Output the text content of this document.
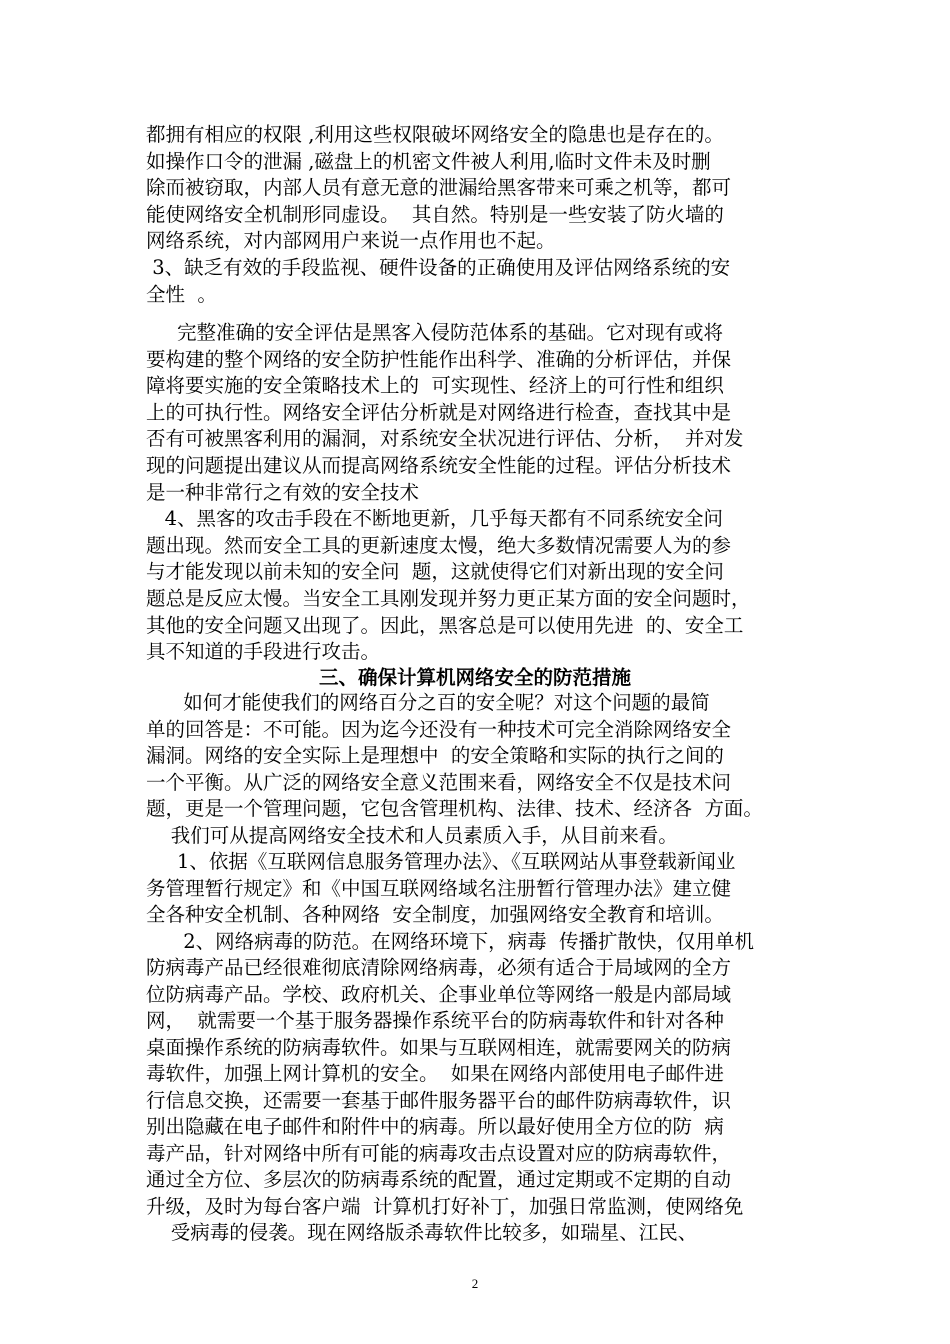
都拥有相应的权限 ,利用这些权限破坏网络安全的隐患也是存在的。
如操作口令的泄漏 ,磁盘上的机密文件被人利用,临时文件未及时删
除而被窃取，内部人员有意无意的泄漏给黑客带来可乘之机等，都可
能使网络安全机制形同虚设。  其自然。特别是一些安装了防火墙的
网络系统，对内部网用户来说一点作用也不起。
3、缺乏有效的手段监视、硬件设备的正确使用及评估网络系统的安
全性  。
完整准确的安全评估是黑客入侵防范体系的基础。它对现有或将
要构建的整个网络的安全防护性能作出科学、准确的分析评估，并保
障将要实施的安全策略技术上的  可实现性、经济上的可行性和组织
上的可执行性。网络安全评估分析就是对网络进行检查，查找其中是
否有可被黑客利用的漏洞，对系统安全状况进行评估、分析，  并对发
现的问题提出建议从而提高网络系统安全性能的过程。评估分析技术
是一种非常行之有效的安全技术
4、黑客的攻击手段在不断地更新，几乎每天都有不同系统安全问
题出现。然而安全工具的更新速度太慢，绝大多数情况需要人为的参
与才能发现以前未知的安全问  题，这就使得它们对新出现的安全问
题总是反应太慢。当安全工具刚发现并努力更正某方面的安全问题时，
其他的安全问题又出现了。因此，黑客总是可以使用先进  的、安全工
具不知道的手段进行攻击。
三、确保计算机网络安全的防范措施
如何才能使我们的网络百分之百的安全呢？对这个问题的最简
单的回答是：不可能。因为迄今还没有一种技术可完全消除网络安全
漏洞。网络的安全实际上是理想中  的安全策略和实际的执行之间的
一个平衡。从广泛的网络安全意义范围来看，网络安全不仅是技术问
题，更是一个管理问题，它包含管理机构、法律、技术、经济各  方面。
我们可从提高网络安全技术和人员素质入手，从目前来看。
1、依据《互联网信息服务管理办法》、《互联网站从事登载新闻业
务管理暂行规定》和《中国互联网络域名注册暂行管理办法》建立健
全各种安全机制、各种网络  安全制度，加强网络安全教育和培训。
2、网络病毒的防范。在网络环境下，病毒  传播扩散快，仅用单机
防病毒产品已经很难彻底清除网络病毒，必须有适合于局域网的全方
位防病毒产品。学校、政府机关、企事业单位等网络一般是内部局域
网，  就需要一个基于服务器操作系统平台的防病毒软件和针对各种
桌面操作系统的防病毒软件。如果与互联网相连，就需要网关的防病
毒软件，加强上网计算机的安全。  如果在网络内部使用电子邮件进
行信息交换，还需要一套基于邮件服务器平台的邮件防病毒软件，识
别出隐藏在电子邮件和附件中的病毒。所以最好使用全方位的防  病
毒产品，针对网络中所有可能的病毒攻击点设置对应的防病毒软件，
通过全方位、多层次的防病毒系统的配置，通过定期或不定期的自动
升级，及时为每台客户端  计算机打好补丁，加强日常监测，使网络免
受病毒的侵袭。现在网络版杀毒软件比较多，如瑞星、江民、
2
